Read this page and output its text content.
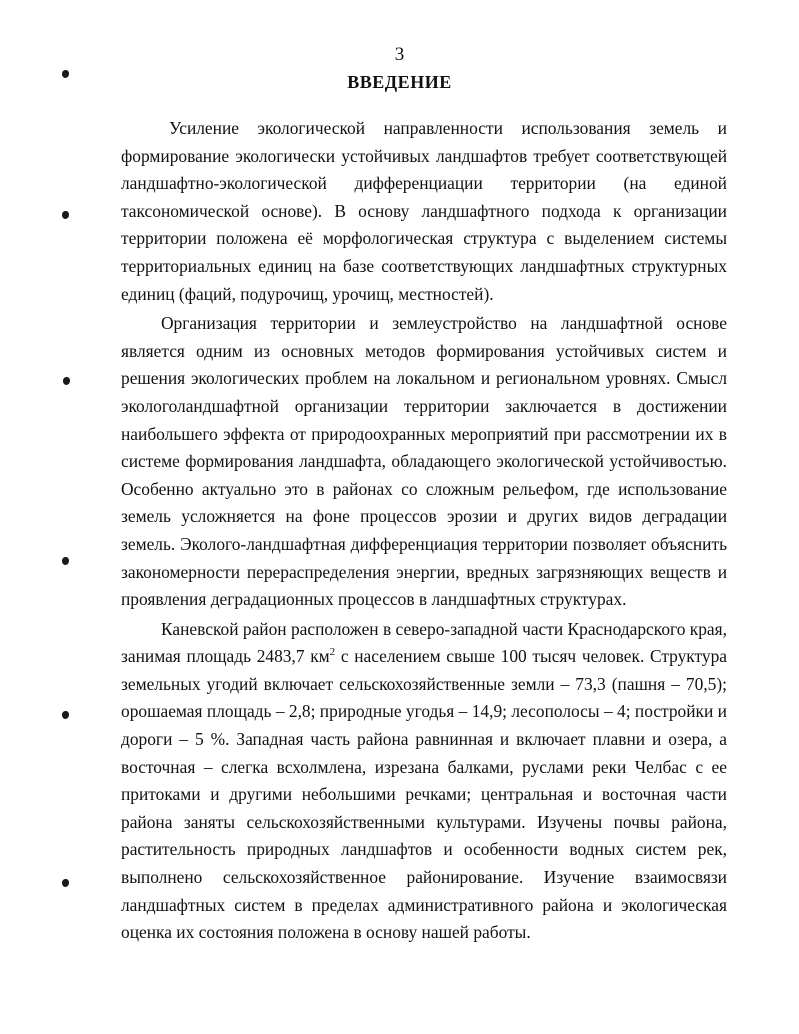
3
ВВЕДЕНИЕ

Усиление экологической направленности использования земель и формирование экологически устойчивых ландшафтов требует соответствующей ландшафтно-экологической дифференциации территории (на единой таксономической основе). В основу ландшафтного подхода к организации территории положена её морфологическая структура с выделением системы территориальных единиц на базе соответствующих ландшафтных структурных единиц (фаций, подурочищ, урочищ, местностей).

Организация территории и землеустройство на ландшафтной основе является одним из основных методов формирования устойчивых систем и решения экологических проблем на локальном и региональном уровнях. Смысл экологоландшафтной организации территории заключается в достижении наибольшего эффекта от природоохранных мероприятий при рассмотрении их в системе формирования ландшафта, обладающего экологической устойчивостью. Особенно актуально это в районах со сложным рельефом, где использование земель усложняется на фоне процессов эрозии и других видов деградации земель. Эколого-ландшафтная дифференциация территории позволяет объяснить закономерности перераспределения энергии, вредных загрязняющих веществ и проявления деградационных процессов в ландшафтных структурах.

Каневской район расположен в северо-западной части Краснодарского края, занимая площадь 2483,7 $км^2$ с населением свыше 100 тысяч человек. Структура земельных угодий включает сельскохозяйственные земли – 73,3 (пашня – 70,5); орошаемая площадь – 2,8; природные угодья – 14,9; лесополосы – 4; постройки и дороги – 5 %. Западная часть района равнинная и включает плавни и озера, а восточная – слегка всхолмлена, изрезана балками, руслами реки Челбас с ее притоками и другими небольшими речками; центральная и восточная части района заняты сельскохозяйственными культурами. Изучены почвы района, растительность природных ландшафтов и особенности водных систем рек, выполнено сельскохозяйственное районирование. Изучение взаимосвязи ландшафтных систем в пределах административного района и экологическая оценка их состояния положена в основу нашей работы.
